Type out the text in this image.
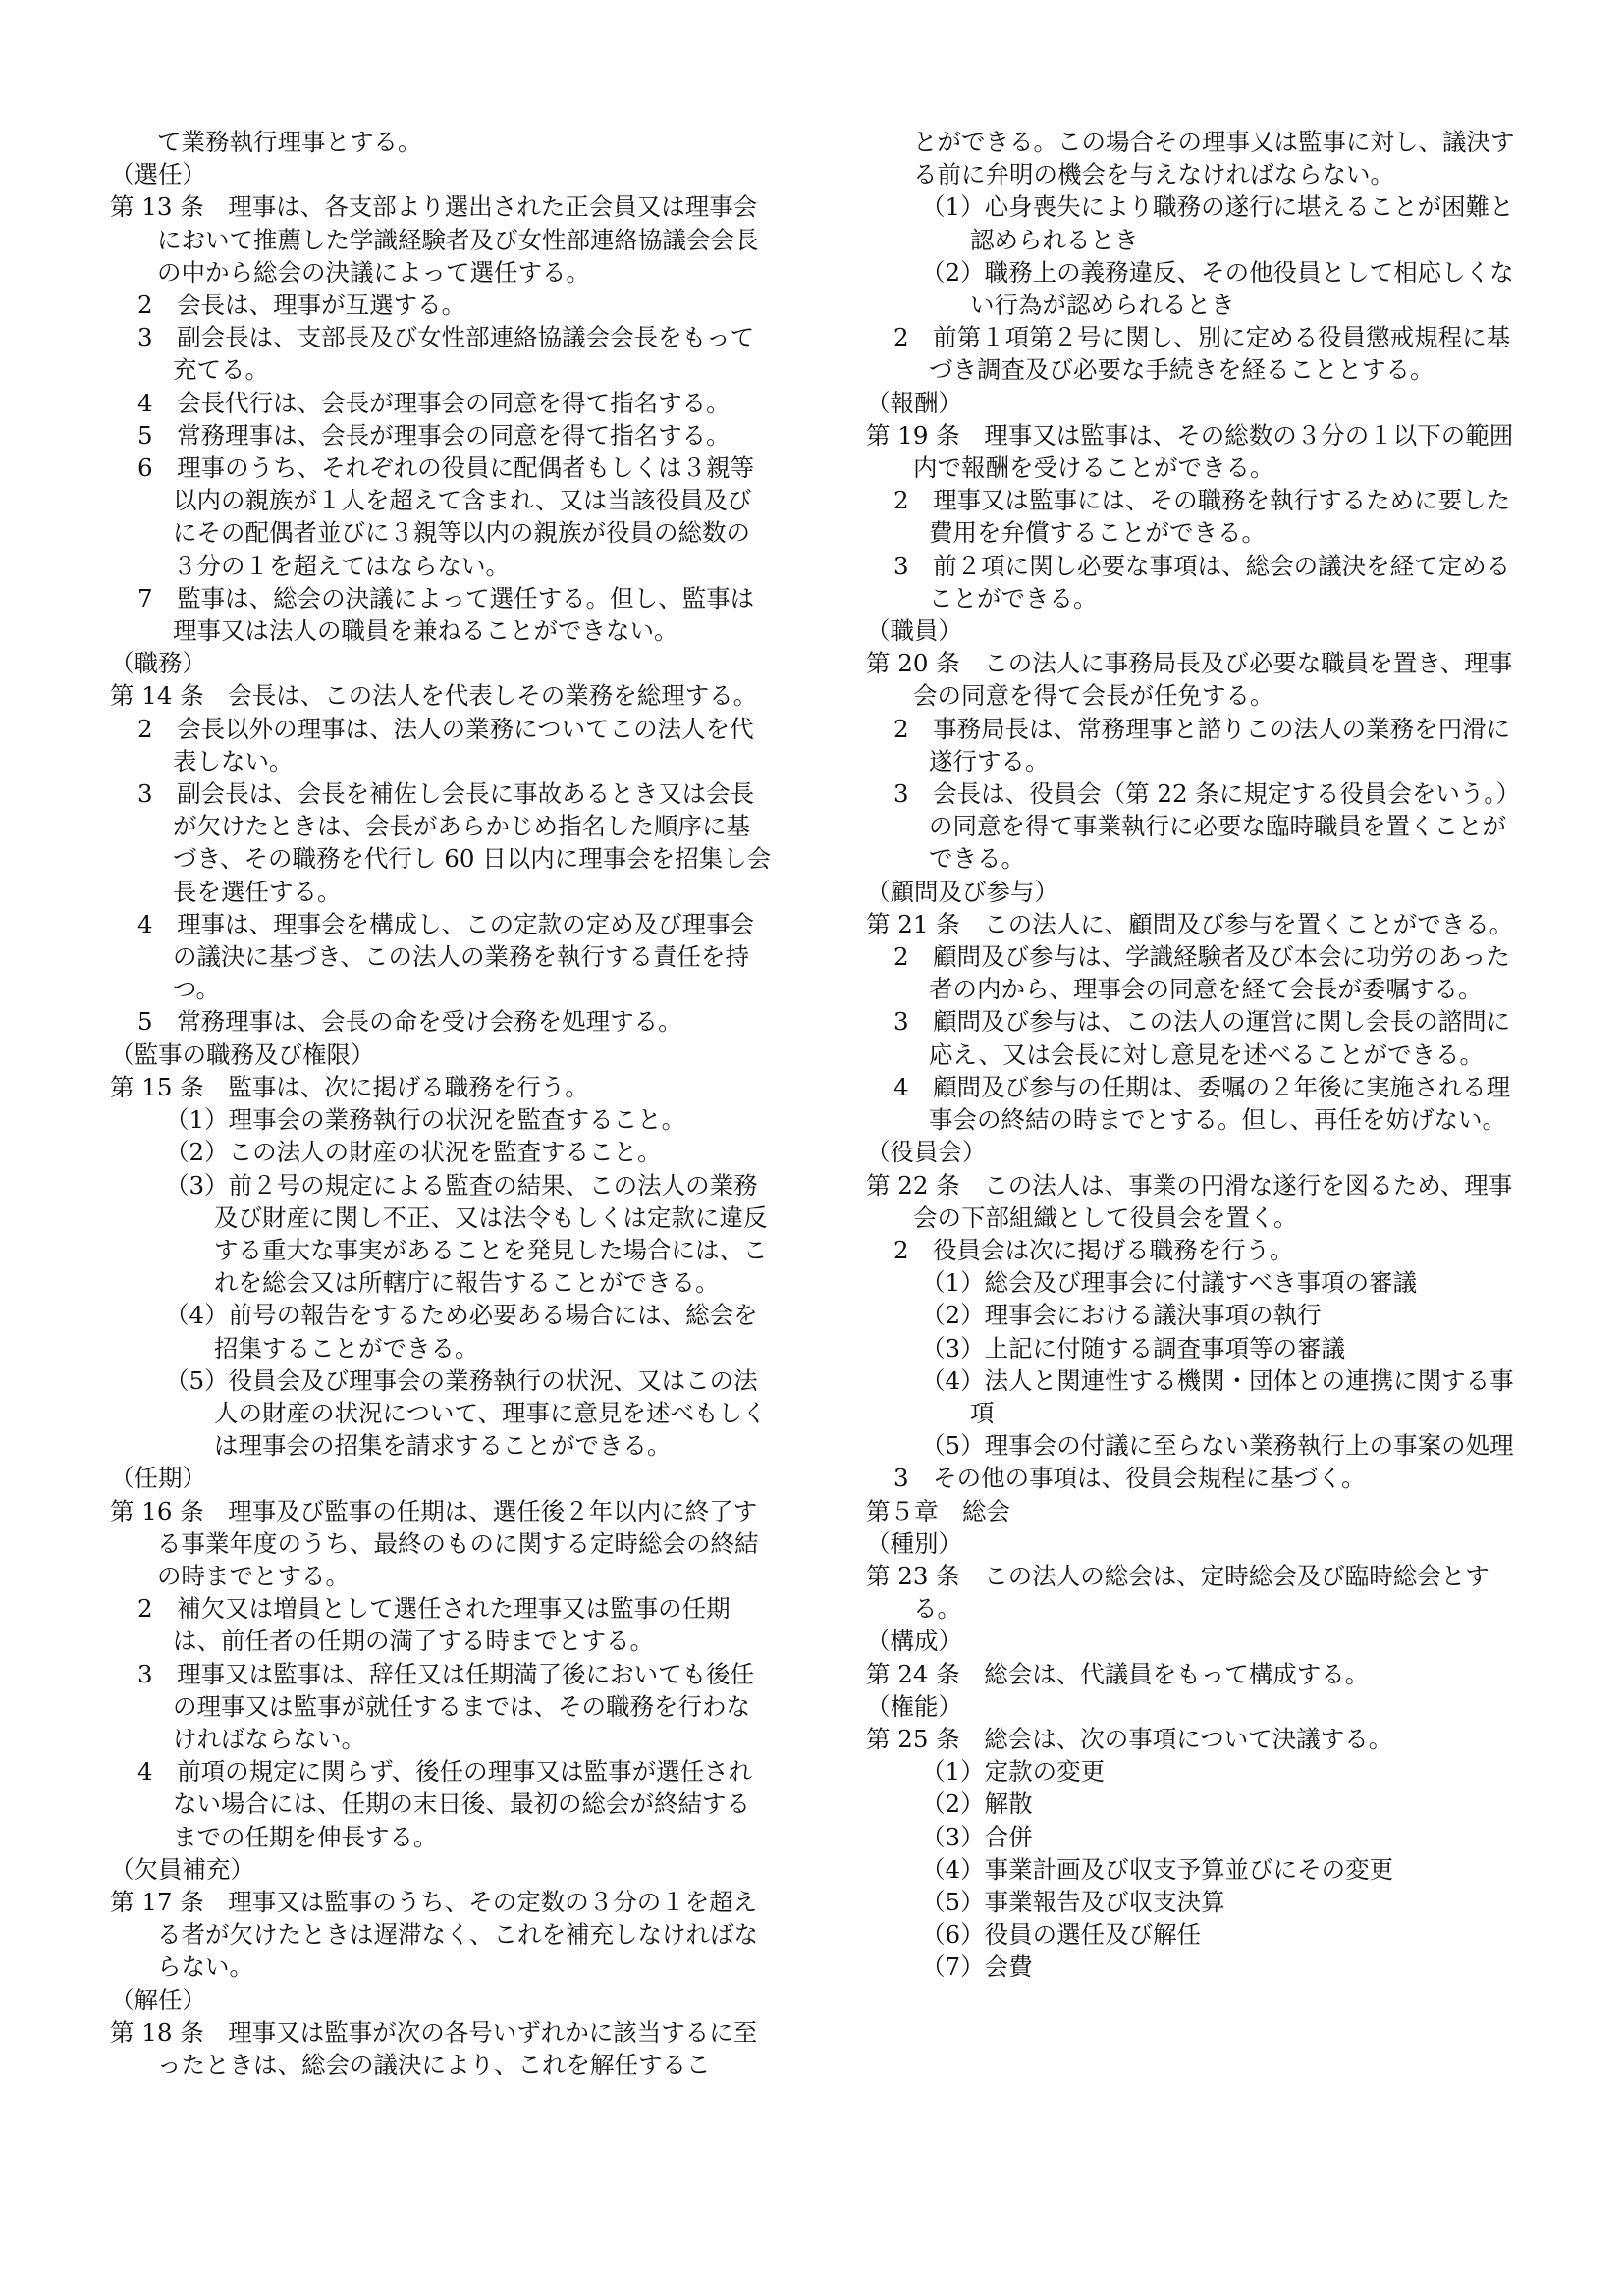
て業務執行理事とする。

（選任）

第 13 条　理事は、各支部より選出された正会員又は理事会において推薦した学識経験者及び女性部連絡協議会会長の中から総会の決議によって選任する。

2　会長は、理事が互選する。

3　副会長は、支部長及び女性部連絡協議会会長をもって充てる。

4　会長代行は、会長が理事会の同意を得て指名する。

5　常務理事は、会長が理事会の同意を得て指名する。

6　理事のうち、それぞれの役員に配偶者もしくは３親等以内の親族が１人を超えて含まれ、又は当該役員及びにその配偶者並びに３親等以内の親族が役員の総数の３分の１を超えてはならない。

7　監事は、総会の決議によって選任する。但し、監事は理事又は法人の職員を兼ねることができない。

（職務）

第 14 条　会長は、この法人を代表しその業務を総理する。

2　会長以外の理事は、法人の業務についてこの法人を代表しない。

3　副会長は、会長を補佐し会長に事故あるとき又は会長が欠けたときは、会長があらかじめ指名した順序に基づき、その職務を代行し 60 日以内に理事会を招集し会長を選任する。

4　理事は、理事会を構成し、この定款の定め及び理事会の議決に基づき、この法人の業務を執行する責任を持つ。

5　常務理事は、会長の命を受け会務を処理する。

（監事の職務及び権限）

第 15 条　監事は、次に掲げる職務を行う。

（1）理事会の業務執行の状況を監査すること。

（2）この法人の財産の状況を監査すること。

（3）前２号の規定による監査の結果、この法人の業務及び財産に関し不正、又は法令もしくは定款に違反する重大な事実があることを発見した場合には、これを総会又は所轄庁に報告することができる。

（4）前号の報告をするため必要ある場合には、総会を招集することができる。

（5）役員会及び理事会の業務執行の状況、又はこの法人の財産の状況について、理事に意見を述べもしくは理事会の招集を請求することができる。

（任期）

第 16 条　理事及び監事の任期は、選任後２年以内に終了する事業年度のうち、最終のものに関する定時総会の終結の時までとする。

2　補欠又は増員として選任された理事又は監事の任期は、前任者の任期の満了する時までとする。

3　理事又は監事は、辞任又は任期満了後においても後任の理事又は監事が就任するまでは、その職務を行わなければならない。

4　前項の規定に関らず、後任の理事又は監事が選任されない場合には、任期の末日後、最初の総会が終結するまでの任期を伸長する。

（欠員補充）

第 17 条　理事又は監事のうち、その定数の３分の１を超える者が欠けたときは遅滞なく、これを補充しなければならない。

（解任）

第 18 条　理事又は監事が次の各号いずれかに該当するに至ったときは、総会の議決により、これを解任するこ

とができる。この場合その理事又は監事に対し、議決する前に弁明の機会を与えなければならない。

（1）心身喪失により職務の遂行に堪えることが困難と認められるとき

（2）職務上の義務違反、その他役員として相応しくない行為が認められるとき

2　前第１項第２号に関し、別に定める役員懲戒規程に基づき調査及び必要な手続きを経ることとする。

（報酬）

第 19 条　理事又は監事は、その総数の３分の１以下の範囲内で報酬を受けることができる。

2　理事又は監事には、その職務を執行するために要した費用を弁償することができる。

3　前２項に関し必要な事項は、総会の議決を経て定めることができる。

（職員）

第 20 条　この法人に事務局長及び必要な職員を置き、理事会の同意を得て会長が任免する。

2　事務局長は、常務理事と諮りこの法人の業務を円滑に遂行する。

3　会長は、役員会（第 22 条に規定する役員会をいう。）の同意を得て事業執行に必要な臨時職員を置くことができる。

（顧問及び参与）

第 21 条　この法人に、顧問及び参与を置くことができる。

2　顧問及び参与は、学識経験者及び本会に功労のあった者の内から、理事会の同意を経て会長が委嘱する。

3　顧問及び参与は、この法人の運営に関し会長の諮問に応え、又は会長に対し意見を述べることができる。

4　顧問及び参与の任期は、委嘱の２年後に実施される理事会の終結の時までとする。但し、再任を妨げない。

（役員会）

第 22 条　この法人は、事業の円滑な遂行を図るため、理事会の下部組織として役員会を置く。

2　役員会は次に掲げる職務を行う。

（1）総会及び理事会に付議すべき事項の審議

（2）理事会における議決事項の執行

（3）上記に付随する調査事項等の審議

（4）法人と関連性する機関・団体との連携に関する事項

（5）理事会の付議に至らない業務執行上の事案の処理

3　その他の事項は、役員会規程に基づく。

第５章　総会

（種別）

第 23 条　この法人の総会は、定時総会及び臨時総会とする。

（構成）

第 24 条　総会は、代議員をもって構成する。

（権能）

第 25 条　総会は、次の事項について決議する。

（1）定款の変更

（2）解散

（3）合併

（4）事業計画及び収支予算並びにその変更

（5）事業報告及び収支決算

（6）役員の選任及び解任

（7）会費
